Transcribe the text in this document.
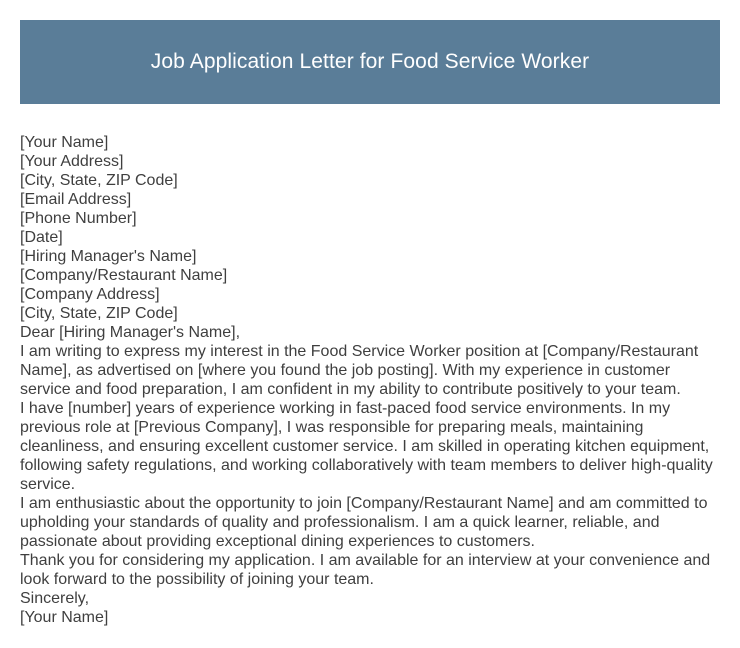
Job Application Letter for Food Service Worker

[Your Name]

[Your Address]

[City, State, ZIP Code]

[Email Address]

[Phone Number]

[Date]

[Hiring Manager's Name]

[Company/Restaurant Name]

[Company Address]

[City, State, ZIP Code]

Dear [Hiring Manager's Name],

I am writing to express my interest in the Food Service Worker position at [Company/Restaurant Name], as advertised on [where you found the job posting]. With my experience in customer service and food preparation, I am confident in my ability to contribute positively to your team.

I have [number] years of experience working in fast-paced food service environments. In my previous role at [Previous Company], I was responsible for preparing meals, maintaining cleanliness, and ensuring excellent customer service. I am skilled in operating kitchen equipment, following safety regulations, and working collaboratively with team members to deliver high-quality service.

I am enthusiastic about the opportunity to join [Company/Restaurant Name] and am committed to upholding your standards of quality and professionalism. I am a quick learner, reliable, and passionate about providing exceptional dining experiences to customers.

Thank you for considering my application. I am available for an interview at your convenience and look forward to the possibility of joining your team.

Sincerely,

[Your Name]
